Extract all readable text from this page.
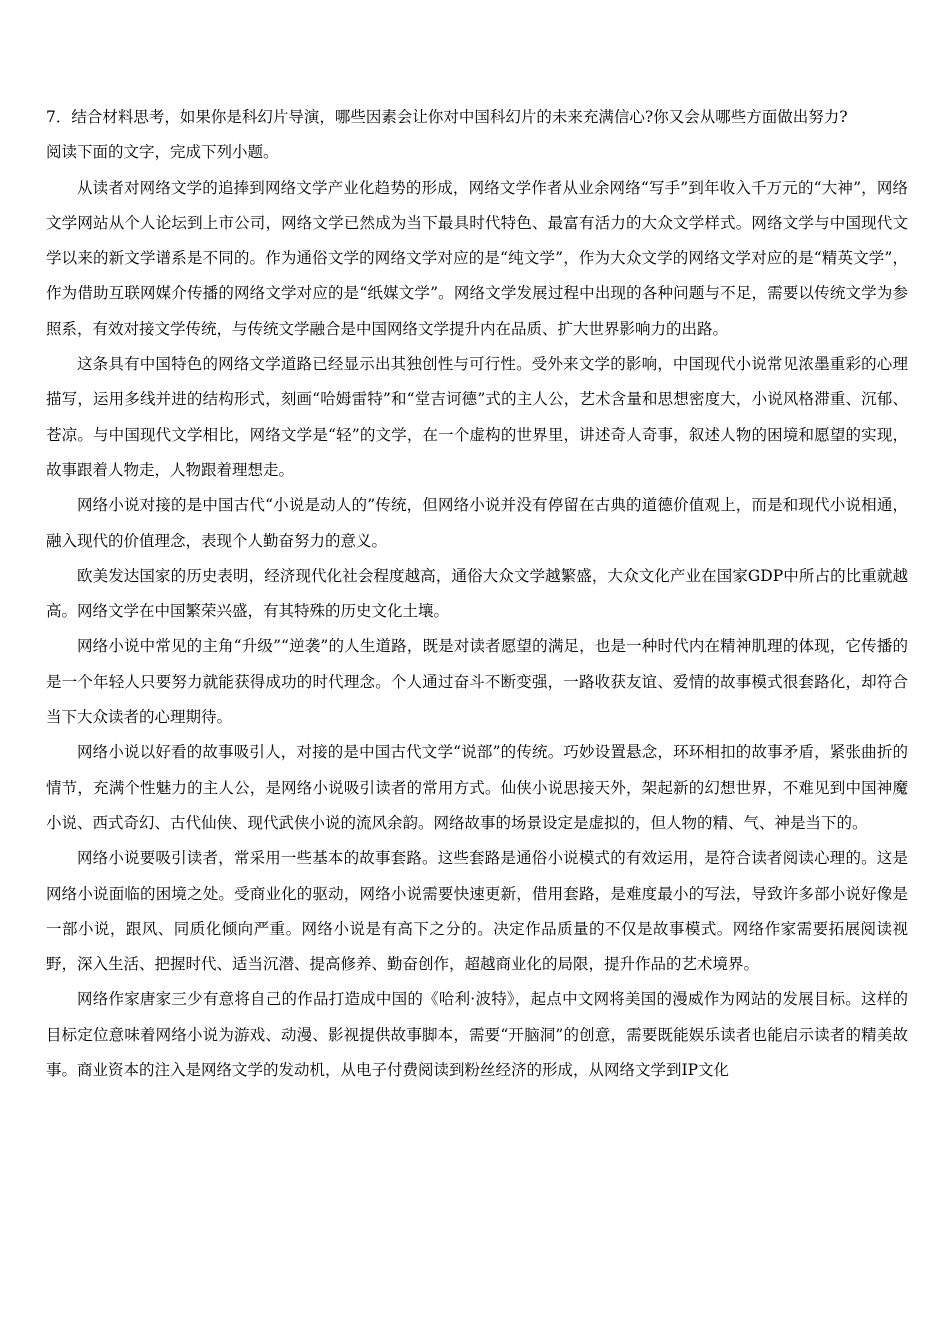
7．结合材料思考，如果你是科幻片导演，哪些因素会让你对中国科幻片的未来充满信心?你又会从哪些方面做出努力?

阅读下面的文字，完成下列小题。

从读者对网络文学的追捧到网络文学产业化趋势的形成，网络文学作者从业余网络“写手”到年收入千万元的“大神”，网络文学网站从个人论坛到上市公司，网络文学已然成为当下最具时代特色、最富有活力的大众文学样式。网络文学与中国现代文学以来的新文学谱系是不同的。作为通俗文学的网络文学对应的是“纯文学”，作为大众文学的网络文学对应的是“精英文学”，作为借助互联网媒介传播的网络文学对应的是“纸媒文学”。网络文学发展过程中出现的各种问题与不足，需要以传统文学为参照系，有效对接文学传统，与传统文学融合是中国网络文学提升内在品质、扩大世界影响力的出路。

这条具有中国特色的网络文学道路已经显示出其独创性与可行性。受外来文学的影响，中国现代小说常见浓墨重彩的心理描写，运用多线并进的结构形式，刻画“哈姆雷特”和“堂吉诃德”式的主人公，艺术含量和思想密度大，小说风格滞重、沉郁、苍凉。与中国现代文学相比，网络文学是“轻”的文学，在一个虚构的世界里，讲述奇人奇事，叙述人物的困境和愿望的实现，故事跟着人物走，人物跟着理想走。

网络小说对接的是中国古代“小说是动人的”传统，但网络小说并没有停留在古典的道德价值观上，而是和现代小说相通，融入现代的价值理念，表现个人勤奋努力的意义。

欧美发达国家的历史表明，经济现代化社会程度越高，通俗大众文学越繁盛，大众文化产业在国家GDP中所占的比重就越高。网络文学在中国繁荣兴盛，有其特殊的历史文化土壤。

网络小说中常见的主角“升级”“逆袭”的人生道路，既是对读者愿望的满足，也是一种时代内在精神肌理的体现，它传播的是一个年轻人只要努力就能获得成功的时代理念。个人通过奋斗不断变强，一路收获友谊、爱情的故事模式很套路化，却符合当下大众读者的心理期待。

网络小说以好看的故事吸引人，对接的是中国古代文学“说部”的传统。巧妙设置悬念，环环相扣的故事矛盾，紧张曲折的情节，充满个性魅力的主人公，是网络小说吸引读者的常用方式。仙侠小说思接天外，架起新的幻想世界，不难见到中国神魔小说、西式奇幻、古代仙侠、现代武侠小说的流风余韵。网络故事的场景设定是虚拟的，但人物的精、气、神是当下的。

网络小说要吸引读者，常采用一些基本的故事套路。这些套路是通俗小说模式的有效运用，是符合读者阅读心理的。这是网络小说面临的困境之处。受商业化的驱动，网络小说需要快速更新，借用套路，是难度最小的写法，导致许多部小说好像是一部小说，跟风、同质化倾向严重。网络小说是有高下之分的。决定作品质量的不仅是故事模式。网络作家需要拓展阅读视野，深入生活、把握时代、适当沉潜、提高修养、勤奋创作，超越商业化的局限，提升作品的艺术境界。

网络作家唐家三少有意将自己的作品打造成中国的《哈利·波特》，起点中文网将美国的漫威作为网站的发展目标。这样的目标定位意味着网络小说为游戏、动漫、影视提供故事脚本，需要“开脑洞”的创意，需要既能娱乐读者也能启示读者的精美故事。商业资本的注入是网络文学的发动机，从电子付费阅读到粉丝经济的形成，从网络文学到IP文化
